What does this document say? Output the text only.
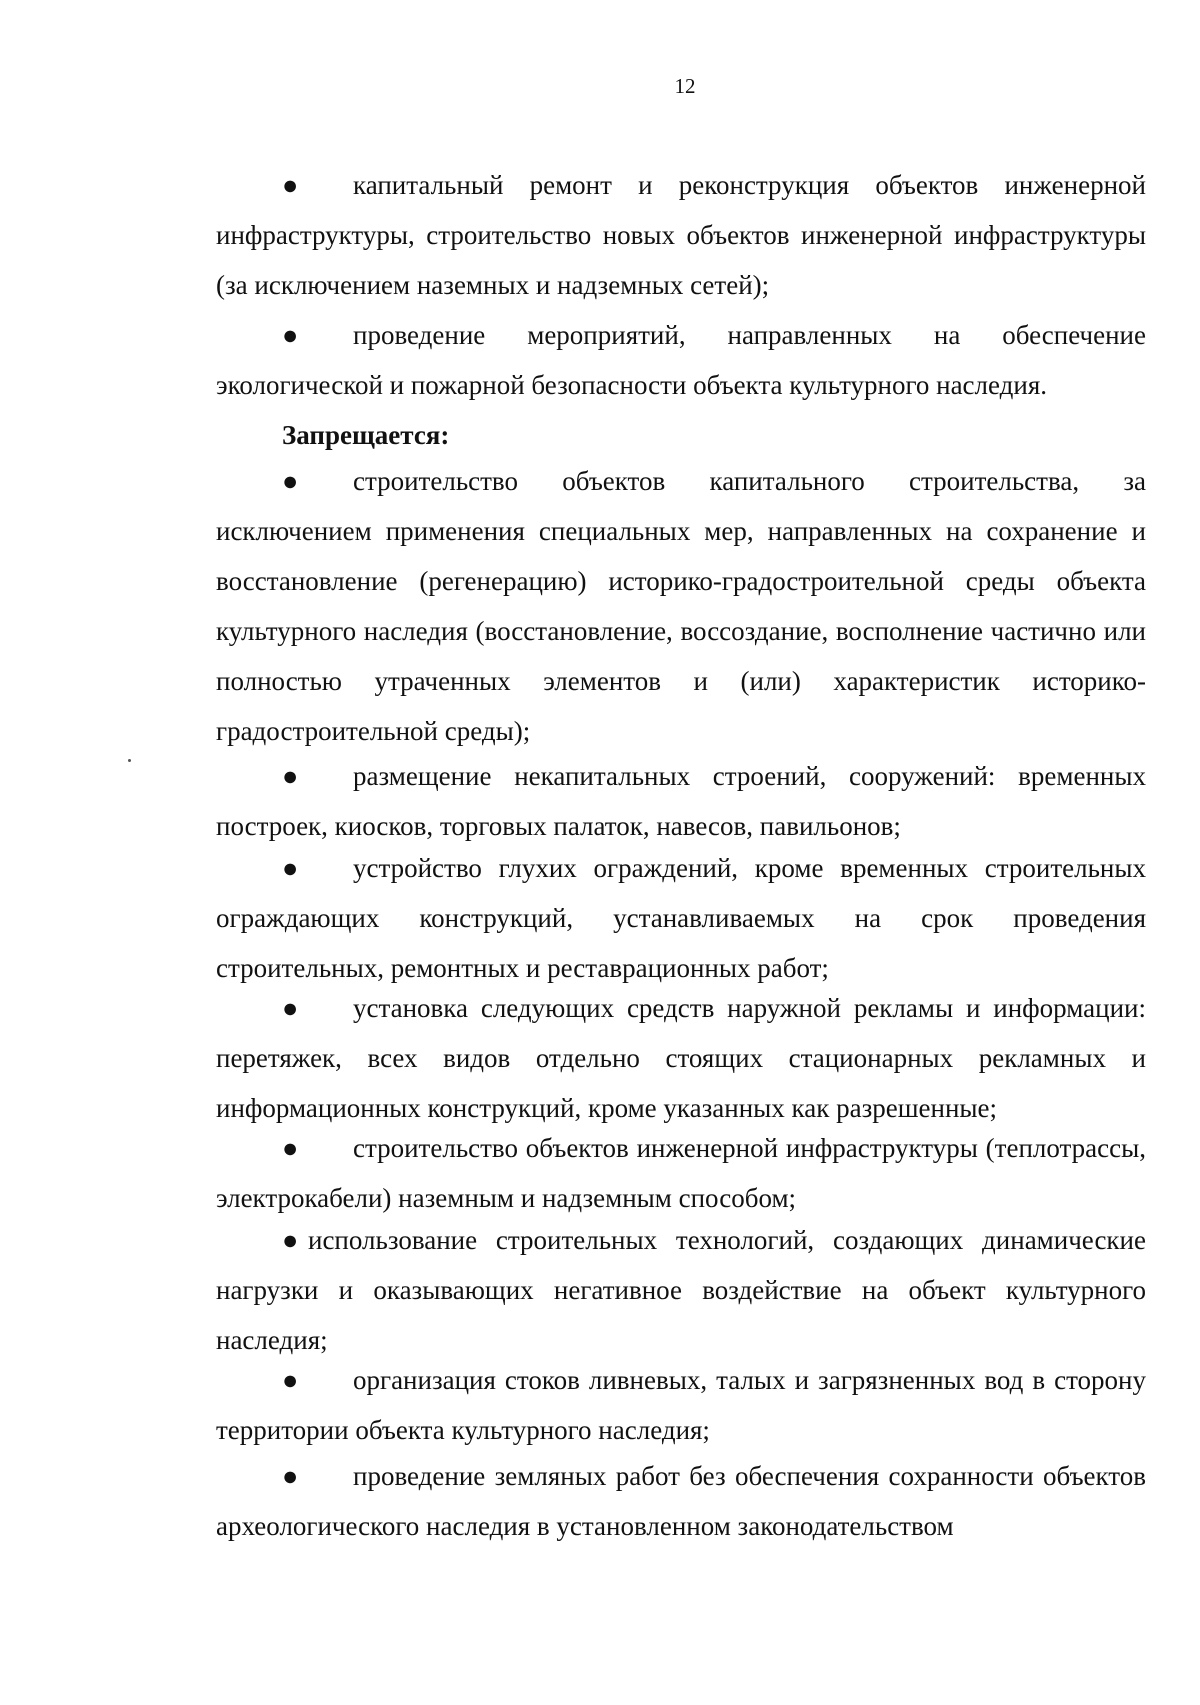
12

● капитальный ремонт и реконструкция объектов инженерной инфраструктуры, строительство новых объектов инженерной инфраструктуры (за исключением наземных и надземных сетей);

● проведение мероприятий, направленных на обеспечение экологической и пожарной безопасности объекта культурного наследия.

Запрещается:

● строительство объектов капитального строительства, за исключением применения специальных мер, направленных на сохранение и восстановление (регенерацию) историко-градостроительной среды объекта культурного наследия (восстановление, воссоздание, восполнение частично или полностью утраченных элементов и (или) характеристик историко-градостроительной среды);

● размещение некапитальных строений, сооружений: временных построек, киосков, торговых палаток, навесов, павильонов;

● устройство глухих ограждений, кроме временных строительных ограждающих конструкций, устанавливаемых на срок проведения строительных, ремонтных и реставрационных работ;

● установка следующих средств наружной рекламы и информации: перетяжек, всех видов отдельно стоящих стационарных рекламных и информационных конструкций, кроме указанных как разрешенные;

● строительство объектов инженерной инфраструктуры (теплотрассы, электрокабели) наземным и надземным способом;

● использование строительных технологий, создающих динамические нагрузки и оказывающих негативное воздействие на объект культурного наследия;

● организация стоков ливневых, талых и загрязненных вод в сторону территории объекта культурного наследия;

● проведение земляных работ без обеспечения сохранности объектов археологического наследия в установленном законодательством
